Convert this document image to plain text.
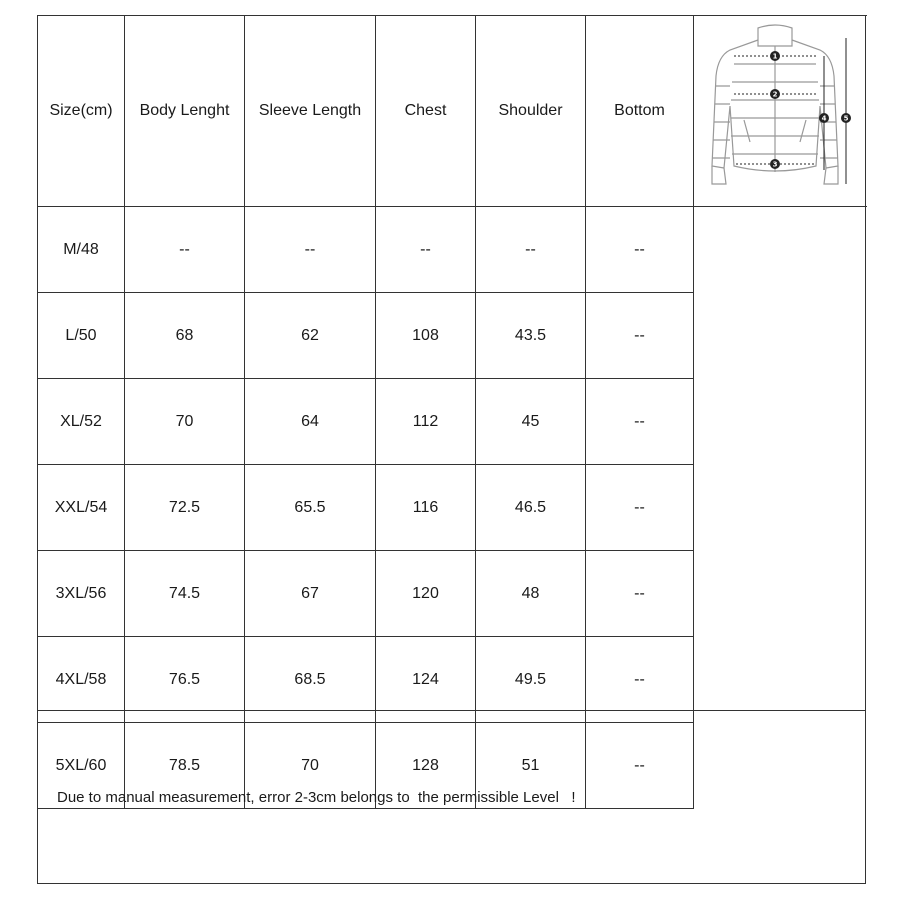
Size(cm)	Body Lenght	Sleeve Length	Chest	Shoulder	Bottom	1
2
3
4 5

M/48	--	--	--	--	--	
L/50	68	62	108	43.5	--	
XL/52	70	64	112	45	--	
XXL/54	72.5	65.5	116	46.5	--	
3XL/56	74.5	67	120	48	--	
4XL/58	76.5	68.5	124	49.5	--	
5XL/60	78.5	70	128	51	--	
Due to manual measurement, error 2-3cm belongs to  the permissible Level   !
